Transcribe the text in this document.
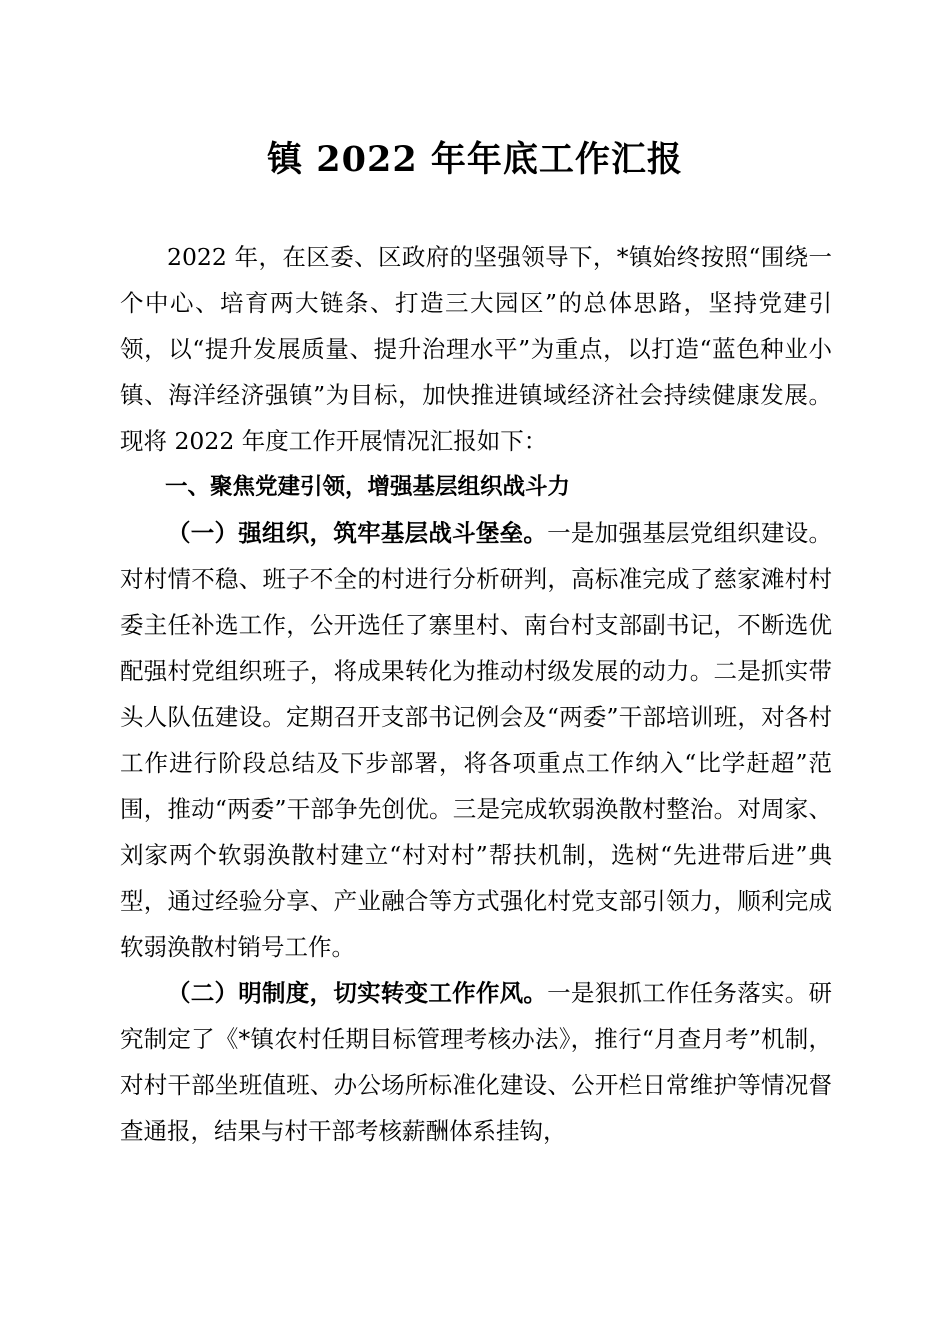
镇 2022 年年底工作汇报

2022 年，在区委、区政府的坚强领导下，*镇始终按照“围绕一个中心、培育两大链条、打造三大园区”的总体思路，坚持党建引领，以“提升发展质量、提升治理水平”为重点，以打造“蓝色种业小镇、海洋经济强镇”为目标，加快推进镇域经济社会持续健康发展。现将 2022 年度工作开展情况汇报如下：

一、聚焦党建引领，增强基层组织战斗力

（一）强组织，筑牢基层战斗堡垒。一是加强基层党组织建设。对村情不稳、班子不全的村进行分析研判，高标准完成了慈家滩村村委主任补选工作，公开选任了寨里村、南台村支部副书记，不断选优配强村党组织班子，将成果转化为推动村级发展的动力。二是抓实带头人队伍建设。定期召开支部书记例会及“两委”干部培训班，对各村工作进行阶段总结及下步部署，将各项重点工作纳入“比学赶超”范围，推动“两委”干部争先创优。三是完成软弱涣散村整治。对周家、刘家两个软弱涣散村建立“村对村”帮扶机制，选树“先进带后进”典型，通过经验分享、产业融合等方式强化村党支部引领力，顺利完成软弱涣散村销号工作。

（二）明制度，切实转变工作作风。一是狠抓工作任务落实。研究制定了《*镇农村任期目标管理考核办法》，推行“月查月考”机制，对村干部坐班值班、办公场所标准化建设、公开栏日常维护等情况督查通报，结果与村干部考核薪酬体系挂钩，
